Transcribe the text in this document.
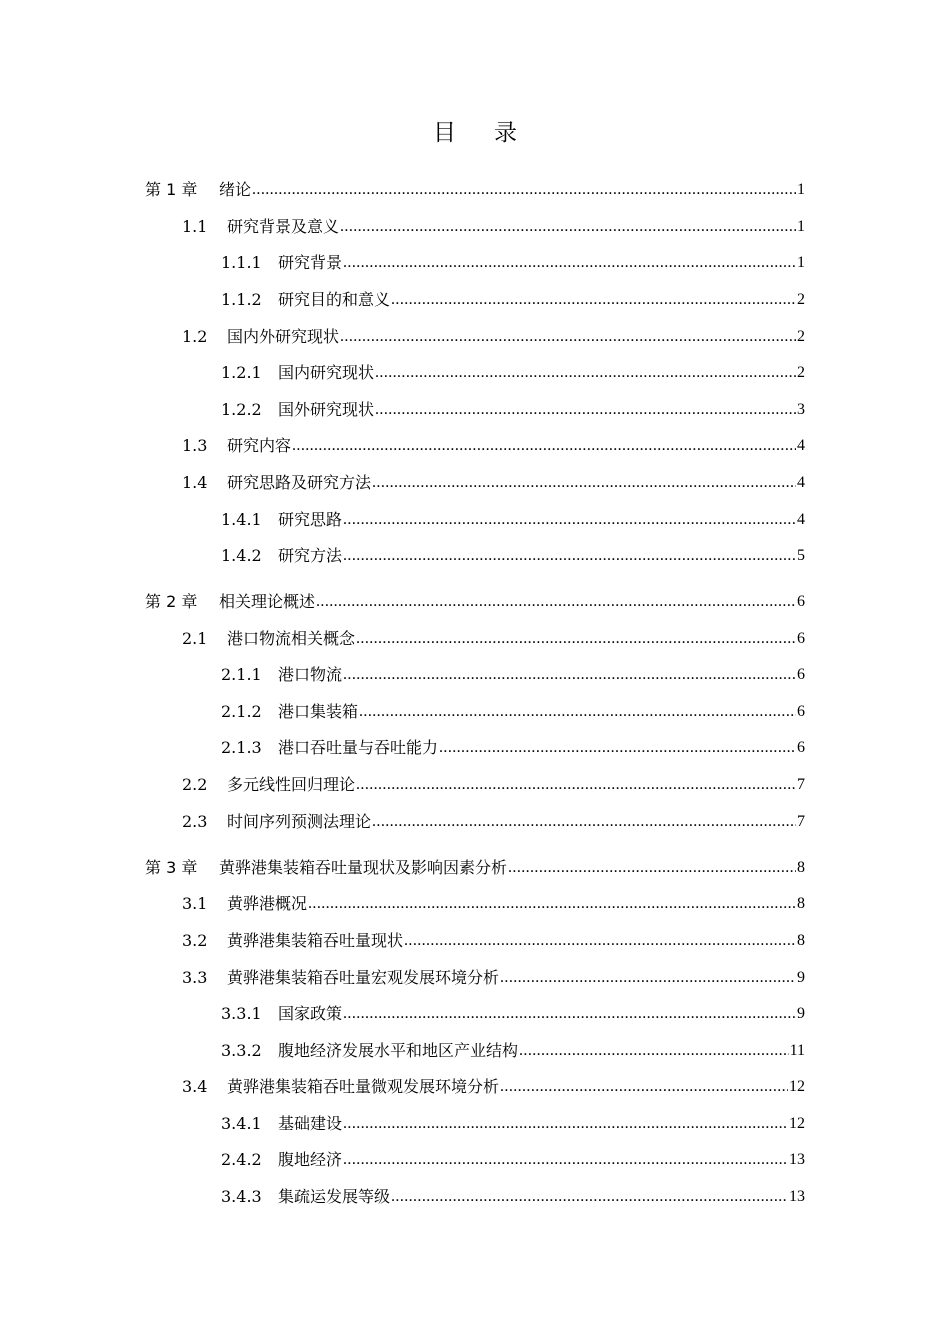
目录
第 1 章	绪论 .....	1
1.1	研究背景及意义 .....	1
1.1.1	研究背景 .....	1
1.1.2	研究目的和意义 .....	2
1.2	国内外研究现状 .....	2
1.2.1	国内研究现状 .....	2
1.2.2	国外研究现状 .....	3
1.3	研究内容 .....	4
1.4	研究思路及研究方法 .....	4
1.4.1	研究思路 .....	4
1.4.2	研究方法 .....	5
第 2 章	相关理论概述 .....	6
2.1	港口物流相关概念 .....	6
2.1.1	港口物流 .....	6
2.1.2	港口集装箱 .....	6
2.1.3	港口吞吐量与吞吐能力 .....	6
2.2	多元线性回归理论 .....	7
2.3	时间序列预测法理论 .....	7
第 3 章	黄骅港集装箱吞吐量现状及影响因素分析 .....	8
3.1	黄骅港概况 .....	8
3.2	黄骅港集装箱吞吐量现状 .....	8
3.3	黄骅港集装箱吞吐量宏观发展环境分析 .....	9
3.3.1	国家政策 .....	9
3.3.2	腹地经济发展水平和地区产业结构 .....	11
3.4	黄骅港集装箱吞吐量微观发展环境分析 .....	12
3.4.1	基础建设 .....	12
2.4.2	腹地经济 .....	13
3.4.3	集疏运发展等级 .....	13
